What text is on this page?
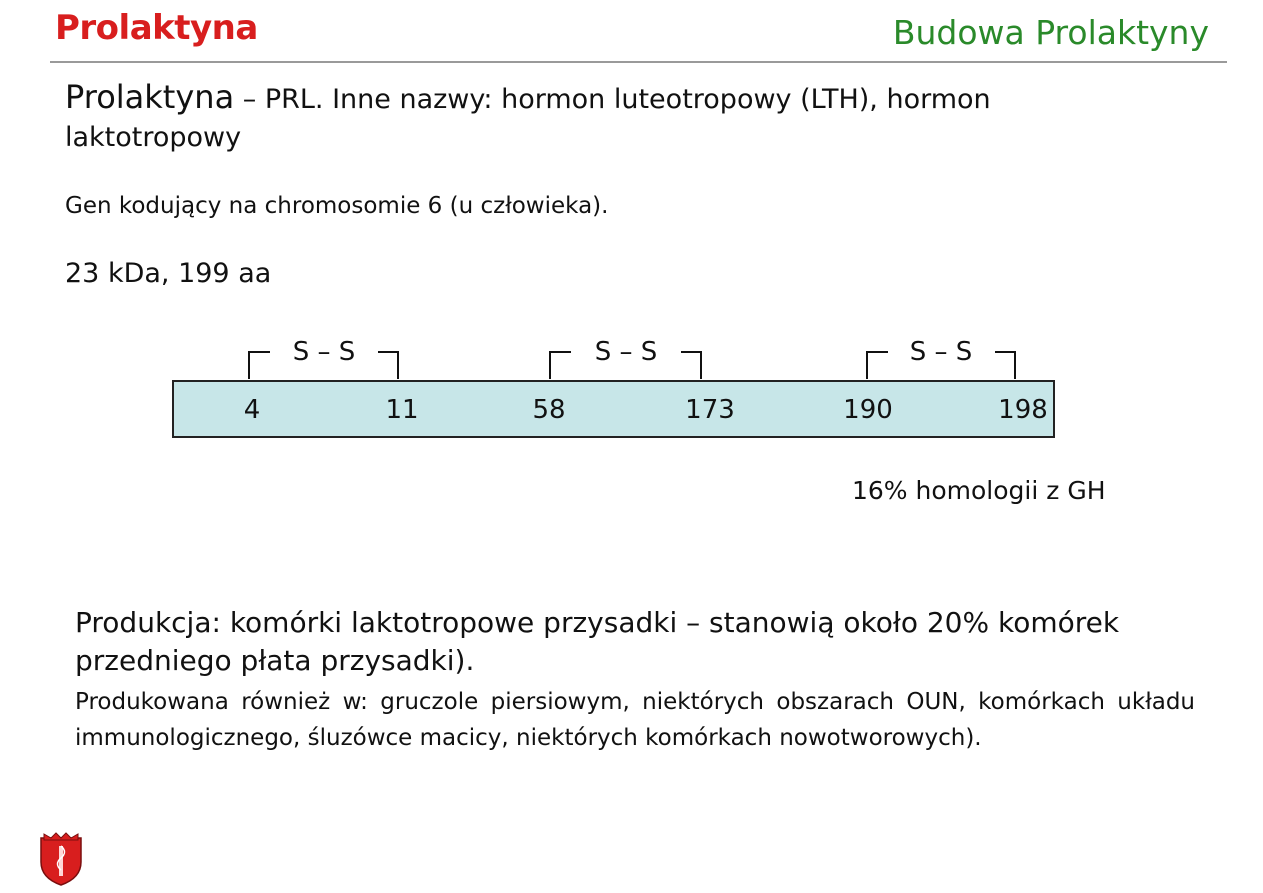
Prolaktyna	Budowa Prolaktyny
Prolaktyna – PRL. Inne nazwy: hormon luteotropowy (LTH), hormon
laktotropowy
Gen kodujący na chromosomie 6 (u człowieka).
23 kDa, 199 aa
S – S	S – S	S – S
4	11	58	173	190	198
16% homologii z GH
Produkcja: komórki laktotropowe przysadki – stanowią około 20% komórek
przedniego płata przysadki).
Produkowana również w: gruczole piersiowym, niektórych obszarach OUN, komórkach układu immunologicznego, śluzówce macicy, niektórych komórkach nowotworowych).
